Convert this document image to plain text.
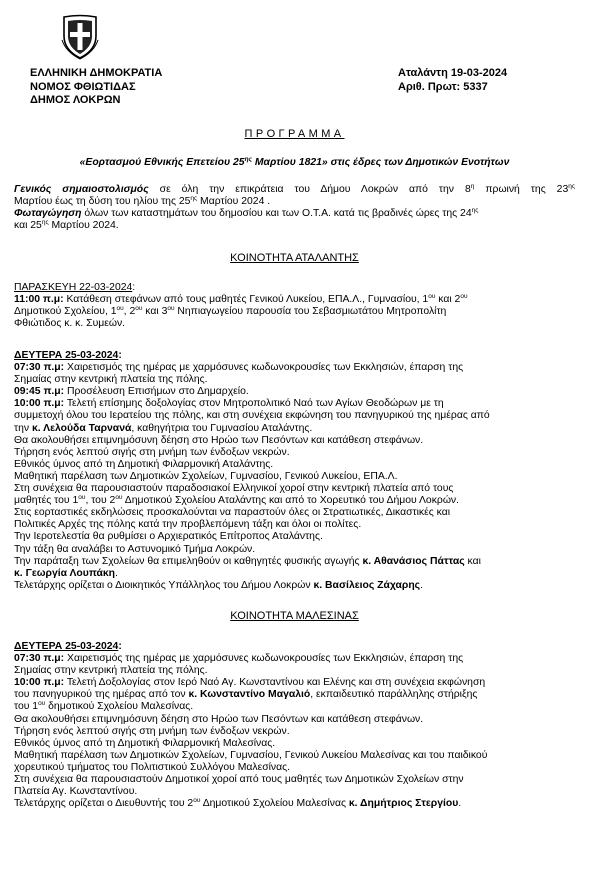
ΕΛΛΗΝΙΚΗ ΔΗΜΟΚΡΑΤΙΑ
ΝΟΜΟΣ ΦΘΙΩΤΙΔΑΣ
ΔΗΜΟΣ ΛΟΚΡΩΝ
Αταλάντη 19-03-2024
Αριθ. Πρωτ: 5337
ΠΡΟΓΡΑΜΜΑ
«Εορτασμού Εθνικής Επετείου $25^{\eta\varsigma}$ Μαρτίου 1821» στις έδρες των Δημοτικών Ενοτήτων
Γενικός σημαιοστολισμός σε όλη την επικράτεια του Δήμου Λοκρών από την $8^\eta$ πρωινή της $23^{\eta\varsigma}$
Μαρτίου έως τη δύση του ηλίου της $25^{\eta\varsigma}$ Μαρτίου 2024 .
Φωταγώγηση όλων των καταστημάτων του δημοσίου και των Ο.Τ.Α. κατά τις βραδινές ώρες της $24^{\eta\varsigma}$
και $25^{\eta\varsigma}$ Μαρτίου 2024.
ΚΟΙΝΟΤΗΤΑ ΑΤΑΛΑΝΤΗΣ
ΠΑΡΑΣΚΕΥΗ 22-03-2024:
11:00 π.μ: Κατάθεση στεφάνων από τους μαθητές Γενικού Λυκείου, ΕΠΑ.Λ., Γυμνασίου, $1^{o\upsilon}$ και $2^{o\upsilon}$
Δημοτικού Σχολείου, $1^{o\upsilon}$, $2^{o\upsilon}$ και $3^{o\upsilon}$ Νηπιαγωγείου παρουσία του Σεβασμιωτάτου Μητροπολίτη
Φθιώτιδος κ. κ. Συμεών.
ΔΕΥΤΕΡΑ 25-03-2024:
07:30 π.μ: Χαιρετισμός της ημέρας με χαρμόσυνες κωδωνοκρουσίες των Εκκλησιών, έπαρση της
Σημαίας στην κεντρική πλατεία της πόλης.
09:45 π.μ: Προσέλευση Επισήμων στο Δημαρχείο.
10:00 π.μ: Τελετή επίσημης δοξολογίας στον Μητροπολιτικό Ναό των Αγίων Θεοδώρων με τη
συμμετοχή όλου του Ιερατείου της πόλης, και στη συνέχεια εκφώνηση του πανηγυρικού της ημέρας από
την κ. Λελούδα Ταρνανά, καθηγήτρια του Γυμνασίου Αταλάντης.
Θα ακολουθήσει επιμνημόσυνη δέηση στο Ηρώο των Πεσόντων και κατάθεση στεφάνων.
Τήρηση ενός λεπτού σιγής στη μνήμη των ένδοξων νεκρών.
Εθνικός ύμνος από τη Δημοτική Φιλαρμονική Αταλάντης.
Μαθητική παρέλαση των Δημοτικών Σχολείων, Γυμνασίου, Γενικού Λυκείου, ΕΠΑ.Λ.
Στη συνέχεια θα παρουσιαστούν παραδοσιακοί Ελληνικοί χοροί στην κεντρική πλατεία από τους
μαθητές του $1^{o\upsilon}$, του $2^{o\upsilon}$ Δημοτικού Σχολείου Αταλάντης και από το Χορευτικό του Δήμου Λοκρών.
Στις εορταστικές εκδηλώσεις προσκαλούνται να παραστούν όλες οι Στρατιωτικές, Δικαστικές και
Πολιτικές Αρχές της πόλης κατά την προβλεπόμενη τάξη και όλοι οι πολίτες.
Την Ιεροτελεστία θα ρυθμίσει ο Αρχιερατικός Επίτροπος Αταλάντης.
Την τάξη θα αναλάβει το Αστυνομικό Τμήμα Λοκρών.
Την παράταξη των Σχολείων θα επιμεληθούν οι καθηγητές φυσικής αγωγής κ. Αθανάσιος Πάττας και
κ. Γεωργία Λουπάκη.
Τελετάρχης ορίζεται ο Διοικητικός Υπάλληλος του Δήμου Λοκρών κ. Βασίλειος Ζάχαρης.
ΚΟΙΝΟΤΗΤΑ ΜΑΛΕΣΙΝΑΣ
ΔΕΥΤΕΡΑ 25-03-2024:
07:30 π.μ: Χαιρετισμός της ημέρας με χαρμόσυνες κωδωνοκρουσίες των Εκκλησιών, έπαρση της
Σημαίας στην κεντρική πλατεία της πόλης.
10:00 π.μ: Τελετή Δοξολογίας στον Ιερό Ναό Αγ. Κωνσταντίνου και Ελένης και στη συνέχεια εκφώνηση
του πανηγυρικού της ημέρας από τον κ. Κωνσταντίνο Μαγαλιό, εκπαιδευτικό παράλληλης στήριξης
του $1^{o\upsilon}$ δημοτικού Σχολείου Μαλεσίνας.
Θα ακολουθήσει επιμνημόσυνη δέηση στο Ηρώο των Πεσόντων και κατάθεση στεφάνων.
Τήρηση ενός λεπτού σιγής στη μνήμη των ένδοξων νεκρών.
Εθνικός ύμνος από τη Δημοτική Φιλαρμονική Μαλεσίνας.
Μαθητική παρέλαση των Δημοτικών Σχολείων, Γυμνασίου, Γενικού Λυκείου Μαλεσίνας και του παιδικού
χορευτικού τμήματος του Πολιτιστικού Συλλόγου Μαλεσίνας.
Στη συνέχεια θα παρουσιαστούν Δημοτικοί χοροί από τους μαθητές των Δημοτικών Σχολείων στην
Πλατεία Αγ. Κωνσταντίνου.
Τελετάρχης ορίζεται ο Διευθυντής του $2^{o\upsilon}$ Δημοτικού Σχολείου Μαλεσίνας κ. Δημήτριος Στεργίου.
